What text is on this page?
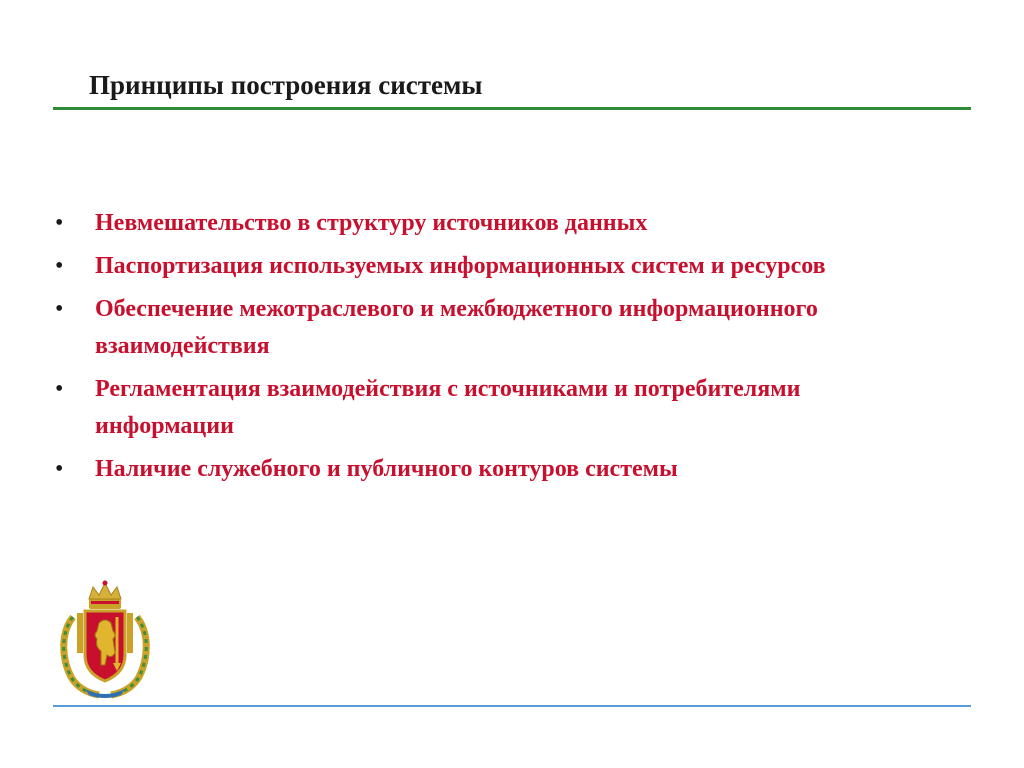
Принципы построения системы
• Невмешательство в структуру источников данных
• Паспортизация используемых информационных систем и ресурсов
• Обеспечение межотраслевого и межбюджетного информационного взаимодействия
• Регламентация взаимодействия с источниками и потребителями информации
• Наличие служебного и публичного контуров системы
